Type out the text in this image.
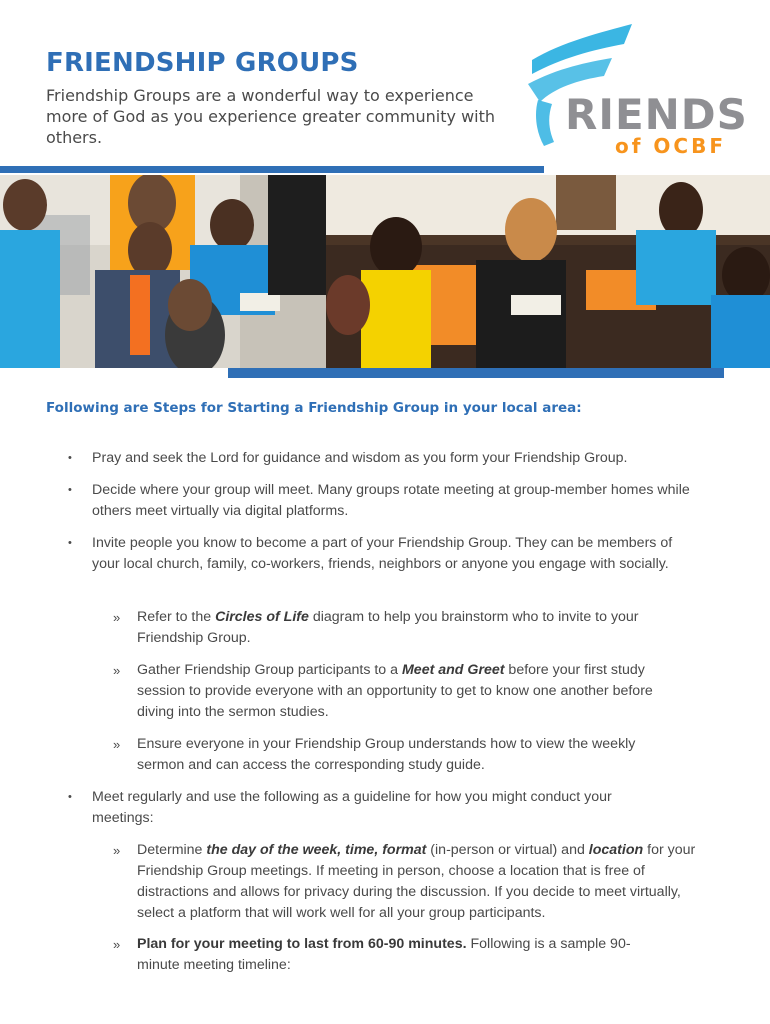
FRIENDSHIP GROUPS
Friendship Groups are a wonderful way to experience more of God as you experience greater community with others.	RIENDS
of OCBF
Following are Steps for Starting a Friendship Group in your local area:
• Pray and seek the Lord for guidance and wisdom as you form your Friendship Group.
• Decide where your group will meet. Many groups rotate meeting at group-member homes while others meet virtually via digital platforms.
• Invite people you know to become a part of your Friendship Group. They can be members of your local church, family, co-workers, friends, neighbors or anyone you engage with socially.
» Refer to the Circles of Life diagram to help you brainstorm who to invite to your Friendship Group.
» Gather Friendship Group participants to a Meet and Greet before your first study session to provide everyone with an opportunity to get to know one another before diving into the sermon studies.
» Ensure everyone in your Friendship Group understands how to view the weekly sermon and can access the corresponding study guide.
• Meet regularly and use the following as a guideline for how you might conduct your meetings:
» Determine the day of the week, time, format (in-person or virtual) and location for your Friendship Group meetings. If meeting in person, choose a location that is free of distractions and allows for privacy during the discussion. If you decide to meet virtually, select a platform that will work well for all your group participants.
» Plan for your meeting to last from 60-90 minutes. Following is a sample 90-minute meeting timeline:
